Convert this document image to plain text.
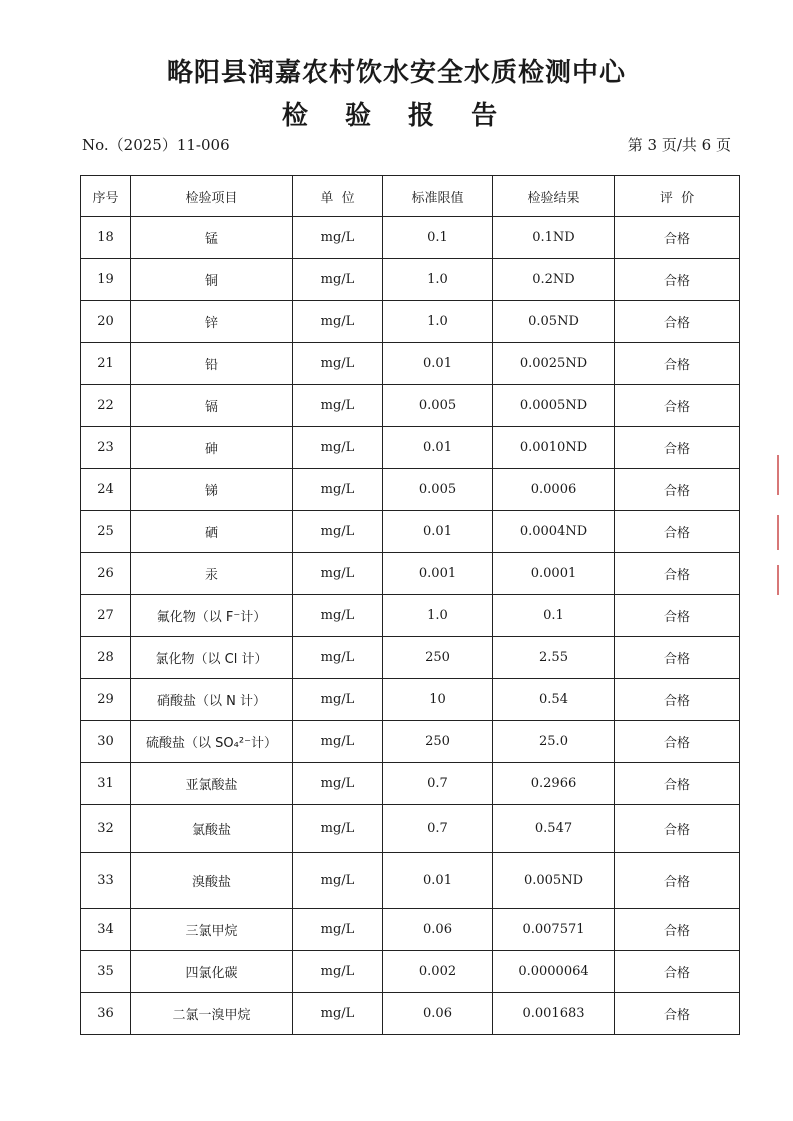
略阳县润嘉农村饮水安全水质检测中心
检 验 报 告
No.（2025）11-006	第 3 页/共 6 页
序号	检验项目	单  位	标准限值	检验结果	评  价
18	锰	mg/L	0.1	0.1ND	合格
19	铜	mg/L	1.0	0.2ND	合格
20	锌	mg/L	1.0	0.05ND	合格
21	铅	mg/L	0.01	0.0025ND	合格
22	镉	mg/L	0.005	0.0005ND	合格
23	砷	mg/L	0.01	0.0010ND	合格
24	锑	mg/L	0.005	0.0006	合格
25	硒	mg/L	0.01	0.0004ND	合格
26	汞	mg/L	0.001	0.0001	合格
27	氟化物（以 F⁻计）	mg/L	1.0	0.1	合格
28	氯化物（以 Cl 计）	mg/L	250	2.55	合格
29	硝酸盐（以 N 计）	mg/L	10	0.54	合格
30	硫酸盐（以 SO₄²⁻计）	mg/L	250	25.0	合格
31	亚氯酸盐	mg/L	0.7	0.2966	合格
32	氯酸盐	mg/L	0.7	0.547	合格
33	溴酸盐	mg/L	0.01	0.005ND	合格
34	三氯甲烷	mg/L	0.06	0.007571	合格
35	四氯化碳	mg/L	0.002	0.0000064	合格
36	二氯一溴甲烷	mg/L	0.06	0.001683	合格
